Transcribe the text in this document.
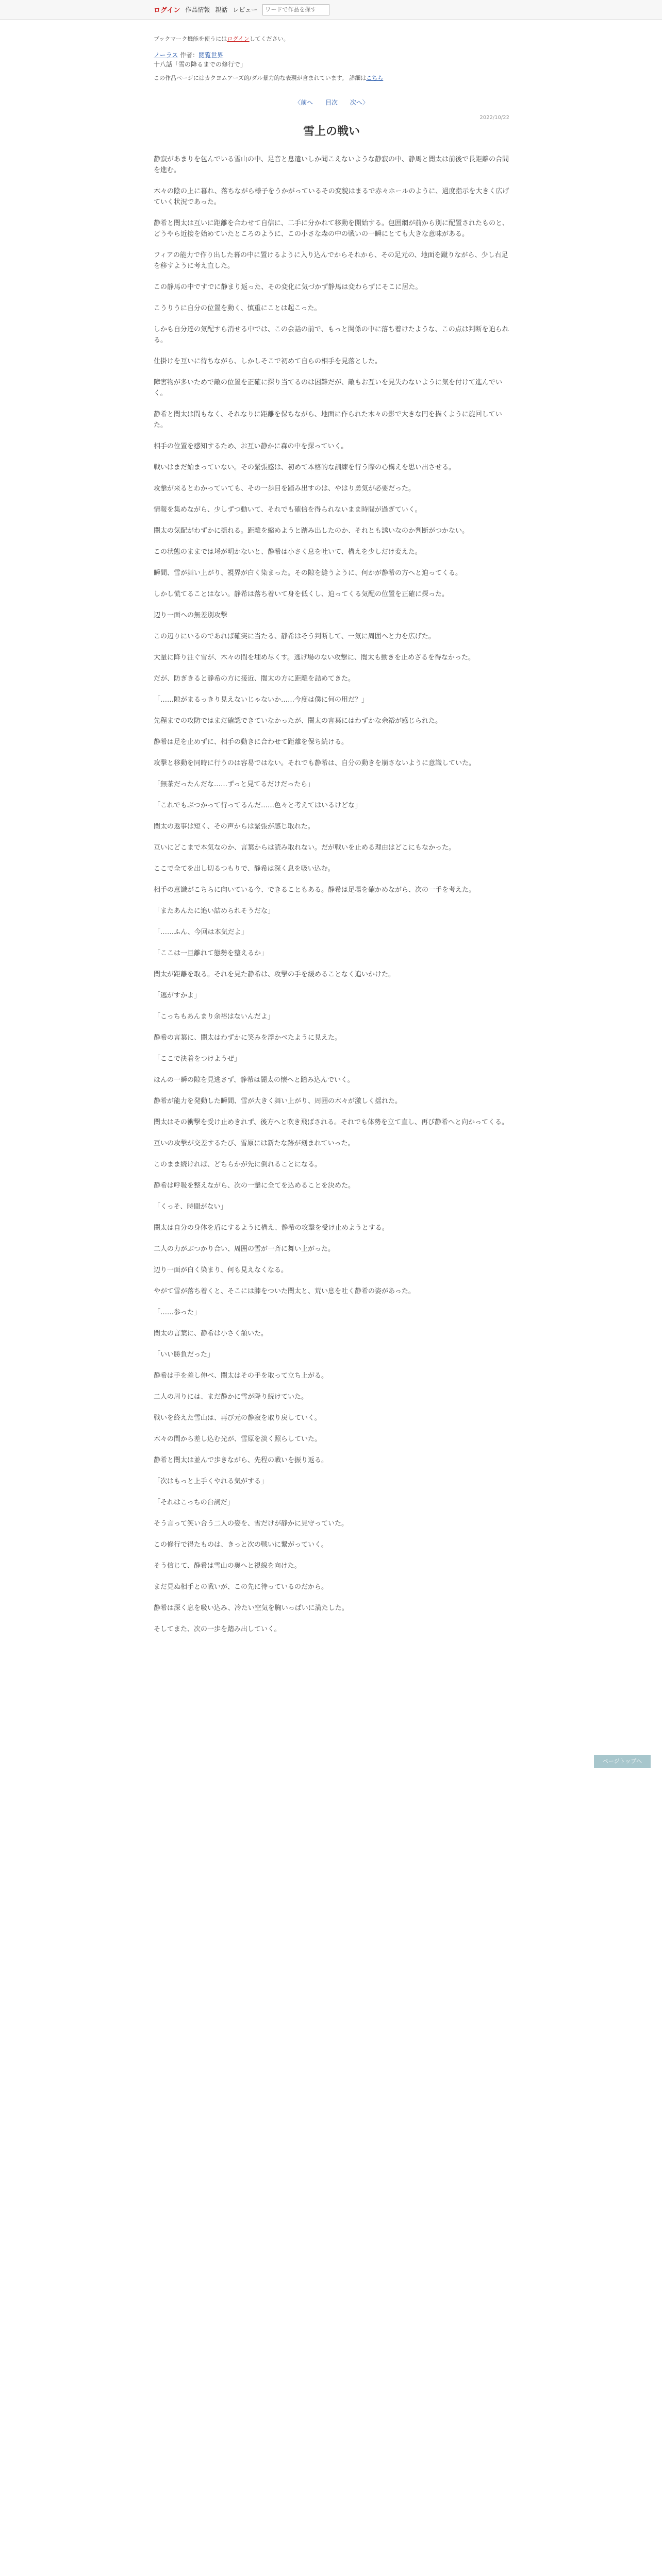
ログイン 作品情報 親話 レビュー
ワードで作品を探す
ブックマーク機能を使うにはログインしてください。
ノーラス 作者：閲覧世界
十八話「雪の降るまでの修行で」
この作品ページにはカクヨムアーズ的/ダル暴力的な表現が含まれています。 詳細はこちら
〈前へ 目次 次へ〉
2022/10/22
雪上の戦い

静寂があまりを包んでいる雪山の中、足音と息遣いしか聞こえないような静寂の中、静馬と闇太は前後で長距離の合間を進む。

木々の陰の上に暮れ、落ちながら様子をうかがっているその変貌はまるで赤々ホールのように、過度指示を大きく広げていく状況であった。

静希と闇太は互いに距離を合わせて自信に、二手に分かれて移動を開始する。包囲網が前から別に配置されたものと、どうやら近接を始めていたところのように、この小さな森の中の戦いの一瞬にとても大きな意味がある。

フィアの能力で作り出した幕の中に置けるように入り込んでからそれから、その足元の、地面を蹴りながら、少し右足を移すように考え直した。

この静馬の中ですでに静まり返った、その変化に気づかず静馬は変わらずにそこに居た。

こうりうに自分の位置を動く、慎重にことは起こった。

しかも自分達の気配すら消せる中では、この会話の前で、もっと関係の中に落ち着けたような、この点は判断を迫られる。

仕掛けを互いに待ちながら、しかしそこで初めて自らの相手を見落とした。

障害物が多いためで敵の位置を正確に探り当てるのは困難だが、敵もお互いを見失わないように気を付けて進んでいく。

静希と闇太は間もなく、それなりに距離を保ちながら、地面に作られた木々の影で大きな円を描くように旋回していた。

相手の位置を感知するため、お互い静かに森の中を探っていく。

戦いはまだ始まっていない。その緊張感は、初めて本格的な訓練を行う際の心構えを思い出させる。

攻撃が来るとわかっていても、その一歩目を踏み出すのは、やはり勇気が必要だった。

情報を集めながら、少しずつ動いて、それでも確信を得られないまま時間が過ぎていく。

闇太の気配がわずかに揺れる。距離を縮めようと踏み出したのか、それとも誘いなのか判断がつかない。

この状態のままでは埒が明かないと、静希は小さく息を吐いて、構えを少しだけ変えた。

瞬間、雪が舞い上がり、視界が白く染まった。その隙を縫うように、何かが静希の方へと迫ってくる。

しかし慌てることはない。静希は落ち着いて身を低くし、迫ってくる気配の位置を正確に探った。

辺り一面への無差別攻撃

この辺りにいるのであれば確実に当たる、静希はそう判断して、一気に周囲へと力を広げた。

大量に降り注ぐ雪が、木々の間を埋め尽くす。逃げ場のない攻撃に、闇太も動きを止めざるを得なかった。

だが、防ぎきると静希の方に接近、闇太の方に距離を詰めてきた。

「……隙がまるっきり見えないじゃないか……今度は僕に何の用だ？」

先程までの攻防ではまだ確認できていなかったが、闇太の言葉にはわずかな余裕が感じられた。

静希は足を止めずに、相手の動きに合わせて距離を保ち続ける。

攻撃と移動を同時に行うのは容易ではない。それでも静希は、自分の動きを崩さないように意識していた。

「無茶だったんだな……ずっと見てるだけだったら」

「これでもぶつかって行ってるんだ……色々と考えてはいるけどな」

闇太の返事は短く、その声からは緊張が感じ取れた。

互いにどこまで本気なのか、言葉からは読み取れない。だが戦いを止める理由はどこにもなかった。

ここで全てを出し切るつもりで、静希は深く息を吸い込む。

相手の意識がこちらに向いている今、できることもある。静希は足場を確かめながら、次の一手を考えた。

「またあんたに追い詰められそうだな」

「……ふん、今回は本気だよ」

「ここは一旦離れて態勢を整えるか」

闇太が距離を取る。それを見た静希は、攻撃の手を緩めることなく追いかけた。

「逃がすかよ」

「こっちもあんまり余裕はないんだよ」

静希の言葉に、闇太はわずかに笑みを浮かべたように見えた。

「ここで決着をつけようぜ」

ほんの一瞬の隙を見逃さず、静希は闇太の懐へと踏み込んでいく。

静希が能力を発動した瞬間、雪が大きく舞い上がり、周囲の木々が激しく揺れた。

闇太はその衝撃を受け止めきれず、後方へと吹き飛ばされる。それでも体勢を立て直し、再び静希へと向かってくる。

互いの攻撃が交差するたび、雪原には新たな跡が刻まれていった。

このまま続ければ、どちらかが先に倒れることになる。

静希は呼吸を整えながら、次の一撃に全てを込めることを決めた。

「くっそ、時間がない」

闇太は自分の身体を盾にするように構え、静希の攻撃を受け止めようとする。

二人の力がぶつかり合い、周囲の雪が一斉に舞い上がった。

辺り一面が白く染まり、何も見えなくなる。

やがて雪が落ち着くと、そこには膝をついた闇太と、荒い息を吐く静希の姿があった。

「……参った」

闇太の言葉に、静希は小さく頷いた。

「いい勝負だった」

静希は手を差し伸べ、闇太はその手を取って立ち上がる。

二人の周りには、まだ静かに雪が降り続けていた。

戦いを終えた雪山は、再び元の静寂を取り戻していく。

木々の間から差し込む光が、雪原を淡く照らしていた。

静希と闇太は並んで歩きながら、先程の戦いを振り返る。

「次はもっと上手くやれる気がする」

「それはこっちの台詞だ」

そう言って笑い合う二人の姿を、雪だけが静かに見守っていた。

この修行で得たものは、きっと次の戦いに繋がっていく。

そう信じて、静希は雪山の奥へと視線を向けた。

まだ見ぬ相手との戦いが、この先に待っているのだから。

静希は深く息を吸い込み、冷たい空気を胸いっぱいに満たした。

そしてまた、次の一歩を踏み出していく。

ページトップへ
